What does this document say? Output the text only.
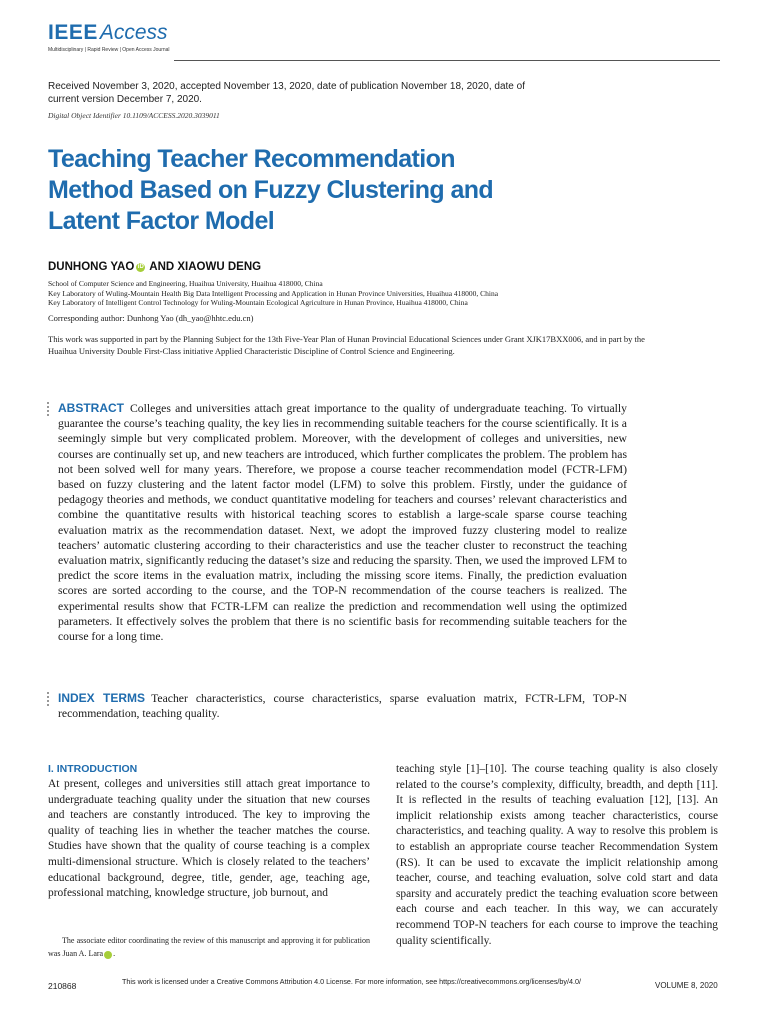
IEEEAccess
Multidisciplinary | Rapid Review | Open Access Journal
Received November 3, 2020, accepted November 13, 2020, date of publication November 18, 2020, date of current version December 7, 2020.
Digital Object Identifier 10.1109/ACCESS.2020.3039011
Teaching Teacher Recommendation Method Based on Fuzzy Clustering and Latent Factor Model
DUNHONG YAO iD AND XIAOWU DENG
School of Computer Science and Engineering, Huaihua University, Huaihua 418000, China
Key Laboratory of Wuling-Mountain Health Big Data Intelligent Processing and Application in Hunan Province Universities, Huaihua 418000, China
Key Laboratory of Intelligent Control Technology for Wuling-Mountain Ecological Agriculture in Hunan Province, Huaihua 418000, China
Corresponding author: Dunhong Yao (dh_yao@hhtc.edu.cn)
This work was supported in part by the Planning Subject for the 13th Five-Year Plan of Hunan Provincial Educational Sciences under Grant XJK17BXX006, and in part by the Huaihua University Double First-Class initiative Applied Characteristic Discipline of Control Science and Engineering.
ABSTRACT Colleges and universities attach great importance to the quality of undergraduate teaching. To virtually guarantee the course’s teaching quality, the key lies in recommending suitable teachers for the course scientifically. It is a seemingly simple but very complicated problem. Moreover, with the development of colleges and universities, new courses are continually set up, and new teachers are introduced, which further complicates the problem. The problem has not been solved well for many years. Therefore, we propose a course teacher recommendation model (FCTR-LFM) based on fuzzy clustering and the latent factor model (LFM) to solve this problem. Firstly, under the guidance of pedagogy theories and methods, we conduct quantitative modeling for teachers and courses’ relevant characteristics and combine the quantitative results with historical teaching scores to establish a large-scale sparse course teaching evaluation matrix as the recommendation dataset. Next, we adopt the improved fuzzy clustering model to realize teachers’ automatic clustering according to their characteristics and use the teacher cluster to reconstruct the teaching evaluation matrix, significantly reducing the dataset’s size and reducing the sparsity. Then, we used the improved LFM to predict the score items in the evaluation matrix, including the missing score items. Finally, the prediction evaluation scores are sorted according to the course, and the TOP-N recommendation of the course teachers is realized. The experimental results show that FCTR-LFM can realize the prediction and recommendation well using the optimized parameters. It effectively solves the problem that there is no scientific basis for recommending suitable teachers for the course for a long time.
INDEX TERMS Teacher characteristics, course characteristics, sparse evaluation matrix, FCTR-LFM, TOP-N recommendation, teaching quality.
I. INTRODUCTION

At present, colleges and universities still attach great importance to undergraduate teaching quality under the situation that new courses and teachers are constantly introduced. The key to improving the quality of teaching lies in whether the teacher matches the course. Studies have shown that the quality of course teaching is a complex multi-dimensional structure. Which is closely related to the teachers’ educational background, degree, title, gender, age, teaching age, professional matching, knowledge structure, job burnout, and

The associate editor coordinating the review of this manuscript and approving it for publication was Juan A. Lara	iD.

teaching style [1]–[10]. The course teaching quality is also closely related to the course’s complexity, difficulty, breadth, and depth [11]. It is reflected in the results of teaching evaluation [12], [13]. An implicit relationship exists among teacher characteristics, course characteristics, and teaching quality. A way to resolve this problem is to establish an appropriate course teacher Recommendation System (RS). It can be used to excavate the implicit relationship among teacher, course, and teaching evaluation, solve cold start and data sparsity and accurately predict the teaching evaluation score between each course and each teacher. In this way, we can accurately recommend TOP-N teachers for each course to improve the teaching quality scientifically.

210868	This work is licensed under a Creative Commons Attribution 4.0 License. For more information, see https://creativecommons.org/licenses/by/4.0/	VOLUME 8, 2020
